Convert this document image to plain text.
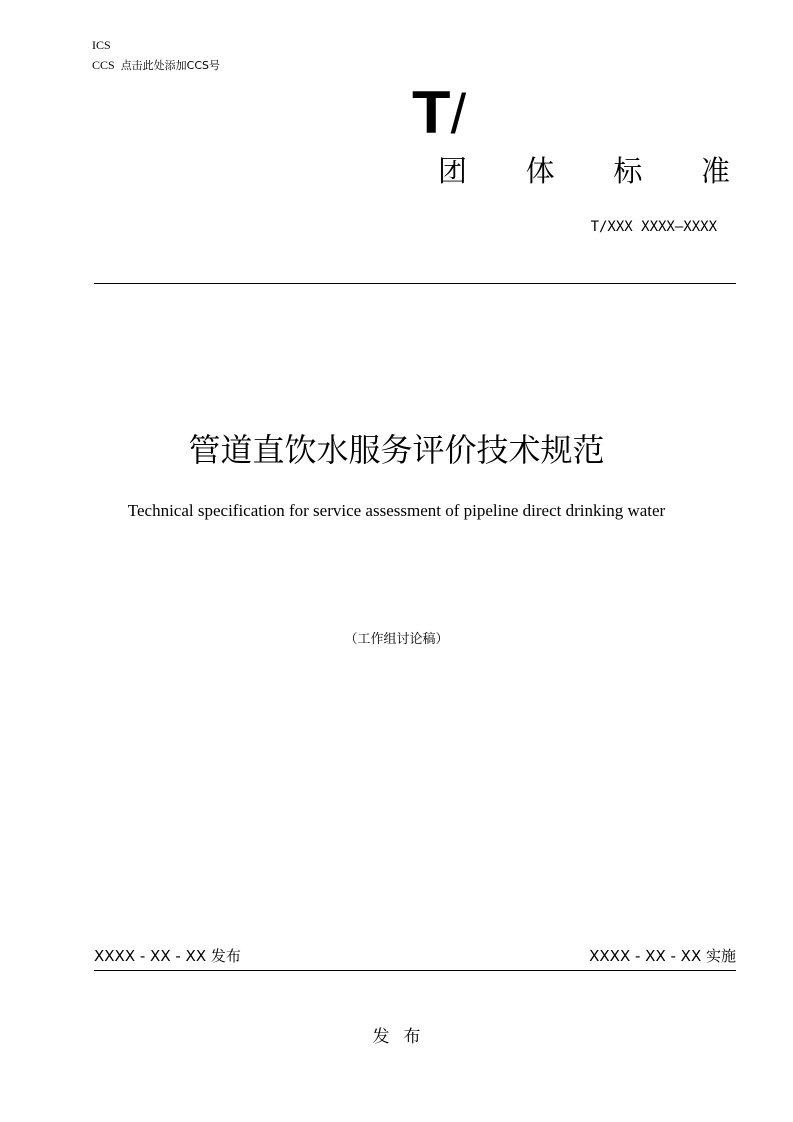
ICS
CCS 点击此处添加CCS号
T/
团 体 标 准
T/XXX XXXX—XXXX
管道直饮水服务评价技术规范
Technical specification for service assessment of pipeline direct drinking water
（工作组讨论稿）
XXXX - XX - XX 发布	XXXX - XX - XX 实施
发布
